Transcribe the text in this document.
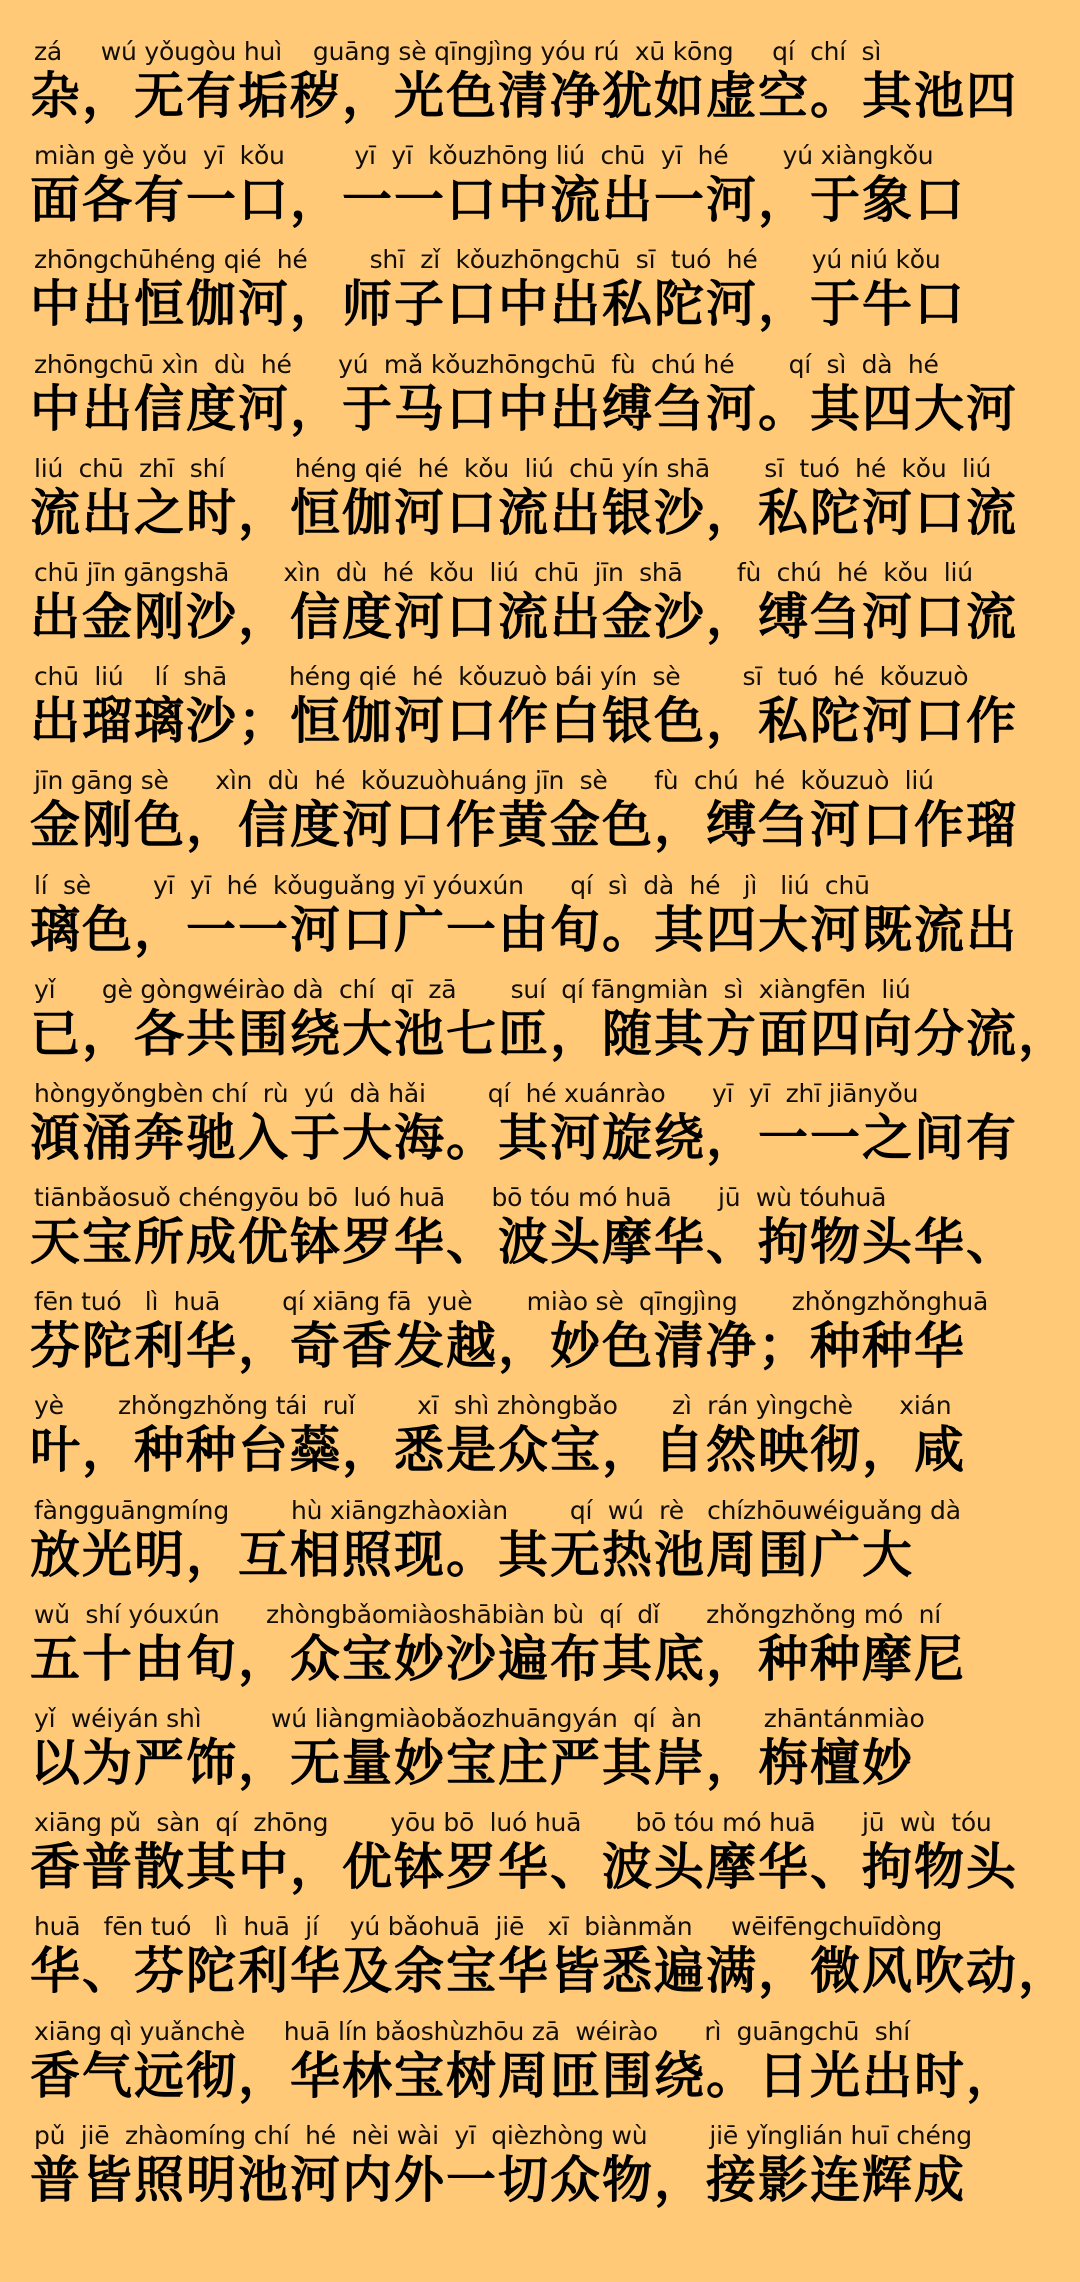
zá     wú yǒugòu huì    guāng sè qīngjìng yóu rú  xū kōng     qí  chí  sì
杂，无有垢秽，光色清净犹如虚空。其池四
miàn gè yǒu  yī  kǒu         yī  yī  kǒuzhōng liú  chū  yī  hé       yú xiàngkǒu
面各有一口，一一口中流出一河，于象口
zhōngchūhéng qié  hé        shī  zǐ  kǒuzhōngchū  sī  tuó  hé       yú niú kǒu
中出恒伽河，师子口中出私陀河，于牛口
zhōngchū xìn  dù  hé      yú  mǎ kǒuzhōngchū  fù  chú hé       qí  sì  dà  hé
中出信度河，于马口中出缚刍河。其四大河
liú  chū  zhī  shí         héng qié  hé  kǒu  liú  chū yín shā       sī  tuó  hé  kǒu  liú
流出之时，恒伽河口流出银沙，私陀河口流
chū jīn gāngshā       xìn  dù  hé  kǒu  liú  chū  jīn  shā       fù  chú  hé  kǒu  liú
出金刚沙，信度河口流出金沙，缚刍河口流
chū  liú    lí  shā        héng qié  hé  kǒuzuò bái yín  sè        sī  tuó  hé  kǒuzuò
出瑠璃沙；恒伽河口作白银色，私陀河口作
jīn gāng sè      xìn  dù  hé  kǒuzuòhuáng jīn  sè      fù  chú  hé  kǒuzuò  liú
金刚色，信度河口作黄金色，缚刍河口作瑠
lí  sè        yī  yī  hé  kǒuguǎng yī yóuxún      qí  sì  dà  hé   jì   liú  chū
璃色，一一河口广一由旬。其四大河既流出
yǐ      gè gòngwéirào dà  chí  qī  zā       suí  qí fāngmiàn  sì  xiàngfēn  liú
已，各共围绕大池七匝，随其方面四向分流，
hòngyǒngbèn chí  rù  yú  dà hǎi        qí  hé xuánrào      yī  yī  zhī jiānyǒu
澒涌奔驰入于大海。其河旋绕，一一之间有
tiānbǎosuǒ chéngyōu bō  luó huā      bō tóu mó huā      jū  wù tóuhuā
天宝所成优钵罗华、波头摩华、拘物头华、
fēn tuó   lì  huā        qí xiāng fā  yuè       miào sè  qīngjìng       zhǒngzhǒnghuā
芬陀利华，奇香发越，妙色清净；种种华
yè       zhǒngzhǒng tái  ruǐ        xī  shì zhòngbǎo       zì  rán yìngchè      xián
叶，种种台蘂，悉是众宝，自然映彻，咸
fàngguāngmíng        hù xiāngzhàoxiàn        qí  wú  rè   chízhōuwéiguǎng dà
放光明，互相照现。其无热池周围广大
wǔ  shí yóuxún      zhòngbǎomiàoshābiàn bù  qí  dǐ      zhǒngzhǒng mó  ní
五十由旬，众宝妙沙遍布其底，种种摩尼
yǐ  wéiyán shì         wú liàngmiàobǎozhuāngyán  qí  àn        zhāntánmiào
以为严饰，无量妙宝庄严其岸，栴檀妙
xiāng pǔ  sàn  qí  zhōng        yōu bō  luó huā       bō tóu mó huā      jū  wù  tóu
香普散其中，优钵罗华、波头摩华、拘物头
huā   fēn tuó   lì  huā  jí    yú bǎohuā  jiē   xī  biànmǎn     wēifēngchuīdòng
华、芬陀利华及余宝华皆悉遍满，微风吹动，
xiāng qì yuǎnchè     huā lín bǎoshùzhōu zā  wéirào      rì  guāngchū  shí
香气远彻，华林宝树周匝围绕。日光出时，
pǔ  jiē  zhàomíng chí  hé  nèi wài  yī  qièzhòng wù        jiē yǐnglián huī chéng
普皆照明池河内外一切众物，接影连辉成
